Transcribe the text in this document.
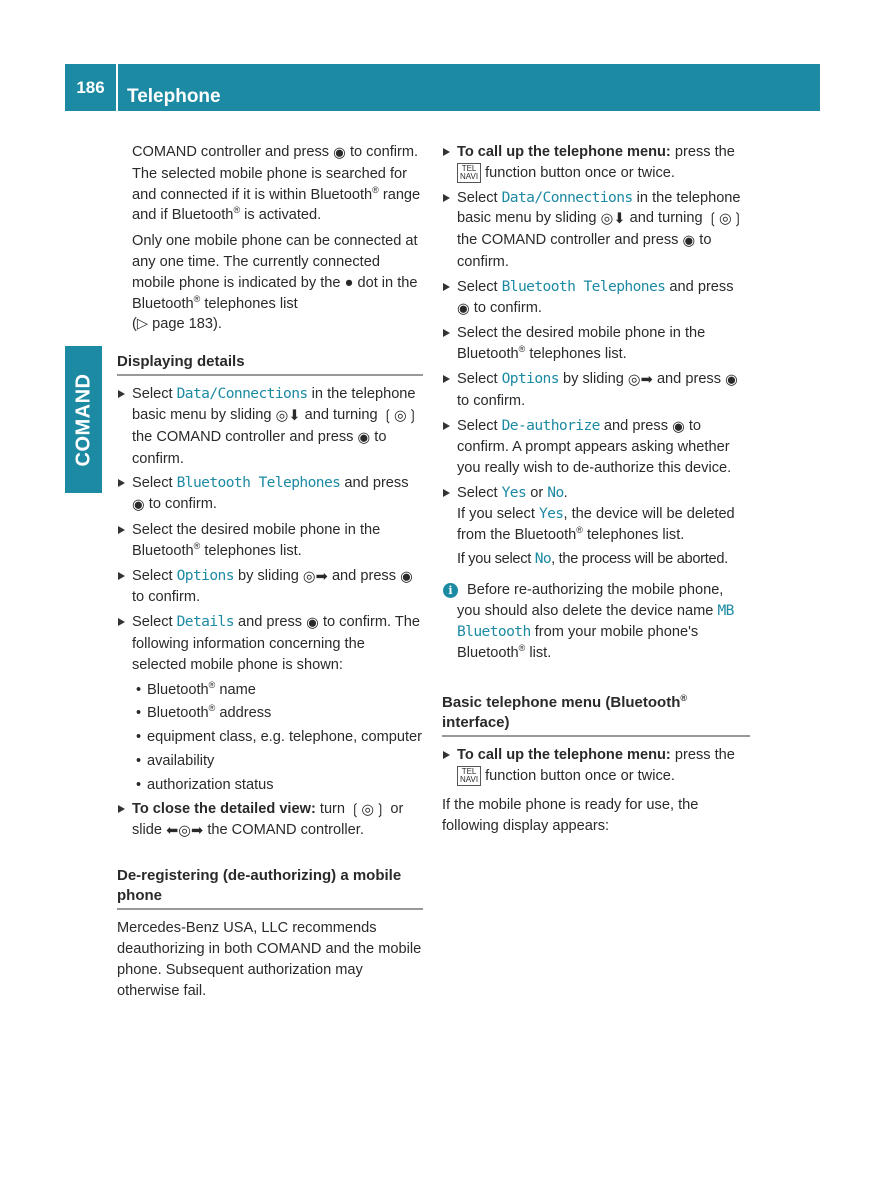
186	Telephone
COMAND

COMAND controller and press ◉ to confirm.

The selected mobile phone is searched for and connected if it is within Bluetooth® range and if Bluetooth® is activated.

Only one mobile phone can be connected at any one time. The currently connected mobile phone is indicated by the ● dot in the Bluetooth® telephones list
(▷ page 183).

Displaying details
Select Data/Connections in the telephone basic menu by sliding ◎⬇ and turning ❲◎❳ the COMAND controller and press ◉ to confirm.
Select Bluetooth Telephones and press ◉ to confirm.
Select the desired mobile phone in the Bluetooth® telephones list.
Select Options by sliding ◎➡ and press ◉ to confirm.
Select Details and press ◉ to confirm. The following information concerning the selected mobile phone is shown:
• Bluetooth® name
• Bluetooth® address
• equipment class, e.g. telephone, computer
• availability
• authorization status
To close the detailed view: turn ❲◎❳ or slide ⬅◎➡ the COMAND controller.
De-registering (de-authorizing) a mobile phone

Mercedes-Benz USA, LLC recommends deauthorizing in both COMAND and the mobile phone. Subsequent authorization may otherwise fail.

To call up the telephone menu: press the TEL
NAVI function button once or twice.
Select Data/Connections in the telephone basic menu by sliding ◎⬇ and turning ❲◎❳ the COMAND controller and press ◉ to confirm.
Select Bluetooth Telephones and press ◉ to confirm.
Select the desired mobile phone in the Bluetooth® telephones list.
Select Options by sliding ◎➡ and press ◉ to confirm.
Select De-authorize and press ◉ to confirm. A prompt appears asking whether you really wish to de-authorize this device.
Select Yes or No.
If you select Yes, the device will be deleted from the Bluetooth® telephones list.
If you select No, the process will be aborted.
i Before re-authorizing the mobile phone, you should also delete the device name MB Bluetooth from your mobile phone's Bluetooth® list.
Basic telephone menu (Bluetooth®
interface)
To call up the telephone menu: press the TEL
NAVI function button once or twice.

If the mobile phone is ready for use, the following display appears:
